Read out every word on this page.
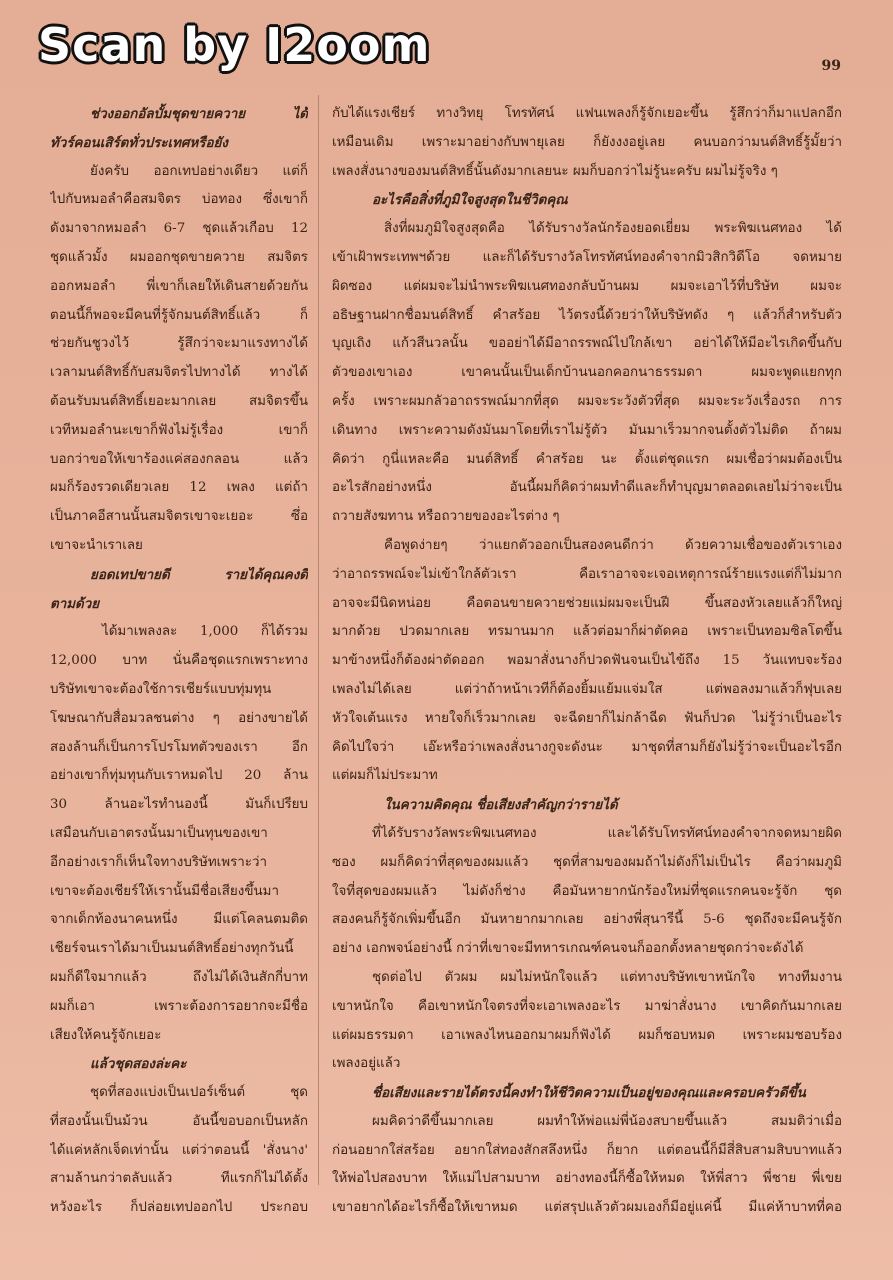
Scan by I2oom	99
ช่วงออกอัลบั้มชุดขายควาย ได้
ทัวร์คอนเสิร์ตทั่วประเทศหรือยัง
ยังครับ ออกเทปอย่างเดียว แต่ก็
ไปกับหมอลำคือสมจิตร บ่อทอง ซึ่งเขาก็
ดังมาจากหมอลำ 6-7 ชุดแล้วเกือบ 12
ชุดแล้วมั้ง ผมออกชุดขายควาย สมจิตร
ออกหมอลำ พี่เขาก็เลยให้เดินสายด้วยกัน
ตอนนี้ก็พอจะมีคนที่รู้จักมนต์สิทธิ์แล้ว ก็
ช่วยกันชูวงไว้ รู้สึกว่าจะมาแรงทางได้
เวลามนต์สิทธิ์กับสมจิตรไปทางได้ ทางได้
ต้อนรับมนต์สิทธิ์เยอะมากเลย สมจิตรขึ้น
เวทีหมอลำนะเขาก็ฟังไม่รู้เรื่อง เขาก็
บอกว่าขอให้เขาร้องแค่สองกลอน แล้ว
ผมก็ร้องรวดเดียวเลย 12 เพลง แต่ถ้า
เป็นภาคอีสานนั้นสมจิตรเขาจะเยอะ ซึ่อ
เขาจะนำเราเลย
ยอดเทปขายดี รายได้คุณคงดี
ตามด้วย
ได้มาเพลงละ 1,000 ก็ได้รวม
12,000 บาท นั่นคือชุดแรกเพราะทาง
บริษัทเขาจะต้องใช้การเชียร์แบบทุ่มทุน
โฆษณากับสื่อมวลชนต่าง ๆ อย่างขายได้
สองล้านก็เป็นการโปรโมทตัวของเรา อีก
อย่างเขาก็ทุ่มทุนกับเราหมดไป 20 ล้าน
30 ล้านอะไรทำนองนี้ มันก็เปรียบ
เสมือนกับเอาตรงนั้นมาเป็นทุนของเขา
อีกอย่างเราก็เห็นใจทางบริษัทเพราะว่า
เขาจะต้องเชียร์ให้เรานั้นมีชื่อเสียงขึ้นมา
จากเด็กท้องนาคนหนึ่ง มีแต่โคลนตมติด
เชียร์จนเราได้มาเป็นมนต์สิทธิ์อย่างทุกวันนี้
ผมก็ดีใจมากแล้ว ถึงไม่ได้เงินสักกี่บาท
ผมก็เอา เพราะต้องการอยากจะมีชื่อ
เสียงให้คนรู้จักเยอะ
แล้วชุดสองล่ะคะ
ชุดที่สองแบ่งเป็นเปอร์เซ็นต์ ชุด
ที่สองนั้นเป็นม้วน อันนี้ขอบอกเป็นหลัก
ได้แค่หลักเจ็ดเท่านั้น แต่ว่าตอนนี้ 'สั่งนาง'
สามล้านกว่าตลับแล้ว ทีแรกก็ไม่ได้ตั้ง
หวังอะไร ก็ปล่อยเทปออกไป ประกอบ
กับได้แรงเชียร์ ทางวิทยุ โทรทัศน์ แฟนเพลงก็รู้จักเยอะขึ้น รู้สึกว่าก็มาแปลกอีก
เหมือนเดิม เพราะมาอย่างกับพายุเลย ก็ยังงงอยู่เลย คนบอกว่ามนต์สิทธิ์รู้มั้ยว่า
เพลงสั่งนางของมนต์สิทธิ์นั้นดังมากเลยนะ ผมก็บอกว่าไม่รู้นะครับ ผมไม่รู้จริง ๆ
อะไรคือสิ่งที่ภูมิใจสูงสุดในชีวิตคุณ
สิ่งที่ผมภูมิใจสูงสุดคือ ได้รับรางวัลนักร้องยอดเยี่ยม พระพิฆเนศทอง ได้
เข้าเฝ้าพระเทพฯด้วย และก็ได้รับรางวัลโทรทัศน์ทองคำจากมิวสิกวิดีโอ จดหมาย
ผิดซอง แต่ผมจะไม่นำพระพิฆเนศทองกลับบ้านผม ผมจะเอาไว้ที่บริษัท ผมจะ
อธิษฐานฝากชื่อมนต์สิทธิ์ คำสร้อย ไว้ตรงนี้ด้วยว่าให้บริษัทดัง ๆ แล้วก็สำหรับตัว
บุญเถิง แก้วสีนวลนั้น ขออย่าได้มีอาถรรพณ์ไปใกล้เขา อย่าได้ให้มีอะไรเกิดขึ้นกับ
ตัวของเขาเอง เขาคนนั้นเป็นเด็กบ้านนอกคอกนาธรรมดา ผมจะพูดแยกทุก
ครั้ง เพราะผมกลัวอาถรรพณ์มากที่สุด ผมจะระวังตัวที่สุด ผมจะระวังเรื่องรถ การ
เดินทาง เพราะความดังมันมาโดยที่เราไม่รู้ตัว มันมาเร็วมากจนตั้งตัวไม่ติด ถ้าผม
คิดว่า กูนี่แหละคือ มนต์สิทธิ์ คำสร้อย นะ ตั้งแต่ชุดแรก ผมเชื่อว่าผมต้องเป็น
อะไรสักอย่างหนึ่ง อันนี้ผมก็คิดว่าผมทำดีและก็ทำบุญมาตลอดเลยไม่ว่าจะเป็น
ถวายสังฆทาน หรือถวายของอะไรต่าง ๆ
คือพูดง่ายๆ ว่าแยกตัวออกเป็นสองคนดีกว่า ด้วยความเชื่อของตัวเราเอง
ว่าอาถรรพณ์จะไม่เข้าใกล้ตัวเรา คือเราอาจจะเจอเหตุการณ์ร้ายแรงแต่ก็ไม่มาก
อาจจะมีนิดหน่อย คือตอนขายควายช่วยแม่ผมจะเป็นฝี ขึ้นสองหัวเลยแล้วก็ใหญ่
มากด้วย ปวดมากเลย ทรมานมาก แล้วต่อมาก็ผ่าตัดคอ เพราะเป็นทอมซิลโตขึ้น
มาข้างหนึ่งก็ต้องผ่าตัดออก พอมาสั่งนางก็ปวดฟันจนเป็นไข้ถึง 15 วันแทบจะร้อง
เพลงไม่ได้เลย แต่ว่าถ้าหน้าเวทีก็ต้องยิ้มแย้มแจ่มใส แต่พอลงมาแล้วก็ฟุบเลย
หัวใจเต้นแรง หายใจก็เร็วมากเลย จะฉีดยาก็ไม่กล้าฉีด ฟันก็ปวด ไม่รู้ว่าเป็นอะไร
คิดไปใจว่า เอ๊ะหรือว่าเพลงสั่งนางกูจะดังนะ มาชุดที่สามก็ยังไม่รู้ว่าจะเป็นอะไรอีก
แต่ผมก็ไม่ประมาท
ในความคิดคุณ ชื่อเสียงสำคัญกว่ารายได้
ที่ได้รับรางวัลพระพิฆเนศทอง และได้รับโทรทัศน์ทองคำจากจดหมายผิด
ซอง ผมก็คิดว่าที่สุดของผมแล้ว ชุดที่สามของผมถ้าไม่ดังก็ไม่เป็นไร คือว่าผมภูมิ
ใจที่สุดของผมแล้ว ไม่ดังก็ช่าง คือมันหายากนักร้องใหม่ที่ชุดแรกคนจะรู้จัก ชุด
สองคนก็รู้จักเพิ่มขึ้นอีก มันหายากมากเลย อย่างพี่สุนารีนี้ 5-6 ชุดถึงจะมีคนรู้จัก
อย่าง เอกพจน์อย่างนี้ กว่าที่เขาจะมีทหารเกณฑ์คนจนก็ออกตั้งหลายชุดกว่าจะดังได้
ชุดต่อไป ตัวผม ผมไม่หนักใจแล้ว แต่ทางบริษัทเขาหนักใจ ทางทีมงาน
เขาหนักใจ คือเขาหนักใจตรงที่จะเอาเพลงอะไร มาฆ่าสั่งนาง เขาคิดกันมากเลย
แต่ผมธรรมดา เอาเพลงไหนออกมาผมก็ฟังได้ ผมก็ชอบหมด เพราะผมชอบร้อง
เพลงอยู่แล้ว
ชื่อเสียงและรายได้ตรงนี้คงทำให้ชีวิตความเป็นอยู่ของคุณและครอบครัวดีขึ้น
ผมคิดว่าดีขึ้นมากเลย ผมทำให้พ่อแม่พี่น้องสบายขึ้นแล้ว สมมติว่าเมื่อ
ก่อนอยากใส่สร้อย อยากใส่ทองสักสลึงหนึ่ง ก็ยาก แต่ตอนนี้ก็มีสี่สิบสามสิบบาทแล้ว
ให้พ่อไปสองบาท ให้แม่ไปสามบาท อย่างทองนี้ก็ซื้อให้หมด ให้พี่สาว พี่ชาย พี่เขย
เขาอยากได้อะไรก็ซื้อให้เขาหมด แต่สรุปแล้วตัวผมเองก็มีอยู่แค่นี้ มีแค่ห้าบาทที่คอ
